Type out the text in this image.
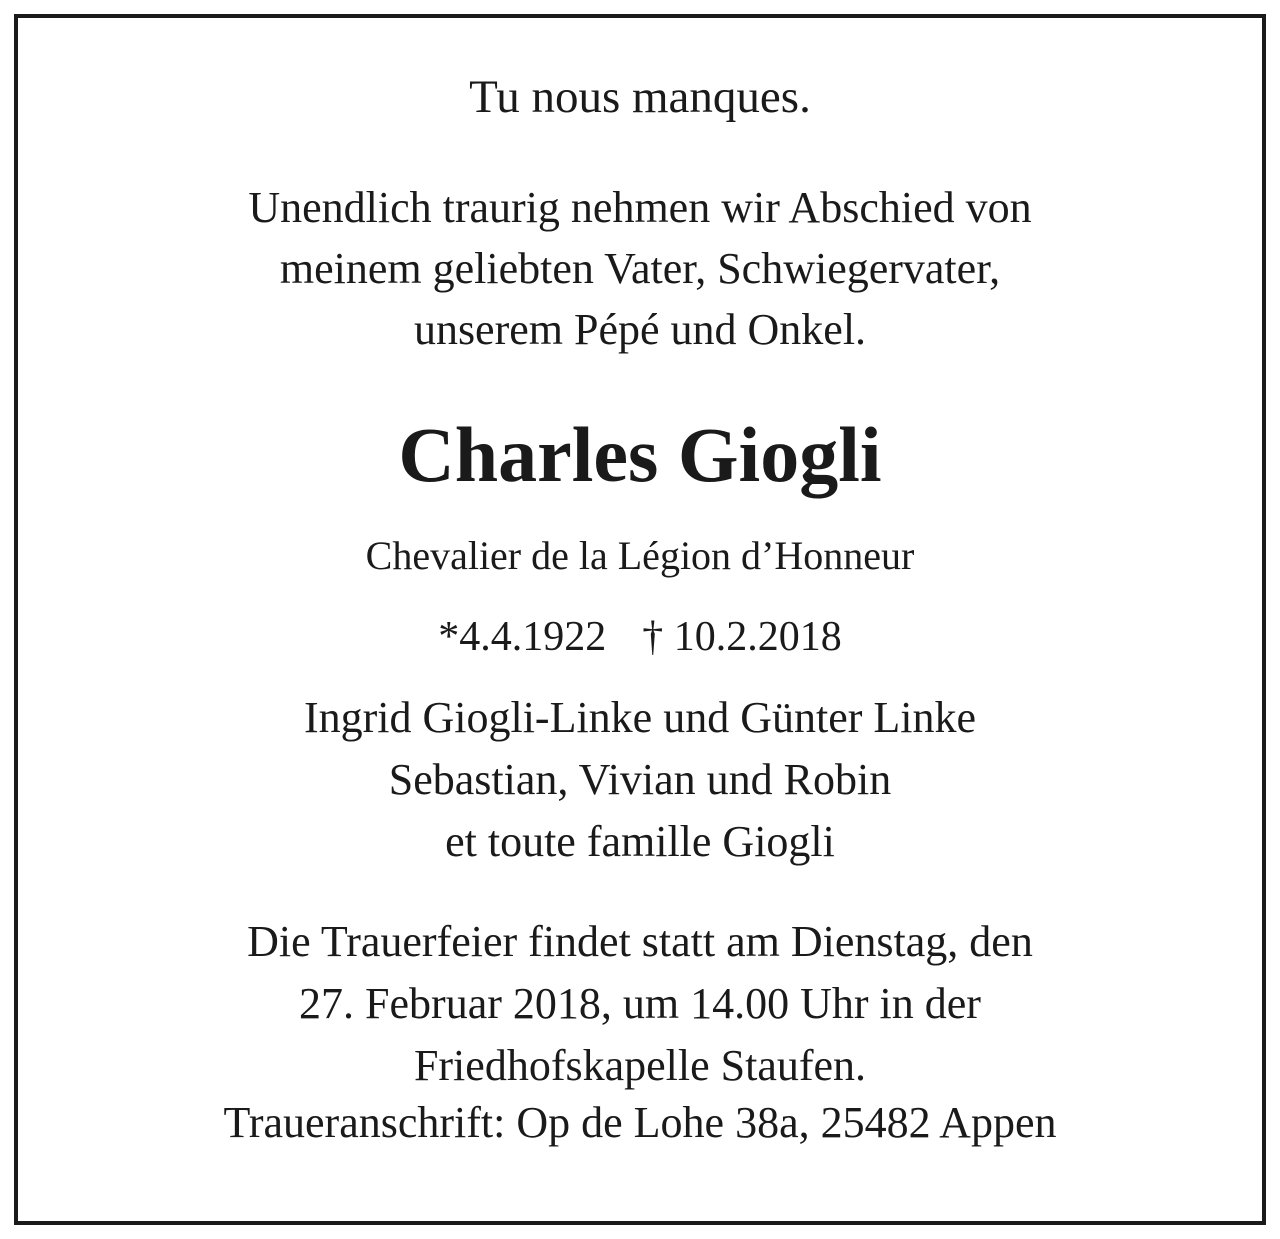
Tu nous manques.
Unendlich traurig nehmen wir Abschied von
meinem geliebten Vater, Schwiegervater,
unserem Pépé und Onkel.
Charles Giogli
Chevalier de la Légion d’Honneur
*4.4.1922 † 10.2.2018
Ingrid Giogli-Linke und Günter Linke
Sebastian, Vivian und Robin
et toute famille Giogli
Die Trauerfeier findet statt am Dienstag, den
27. Februar 2018, um 14.00 Uhr in der
Friedhofskapelle Staufen.
Traueranschrift: Op de Lohe 38a, 25482 Appen
